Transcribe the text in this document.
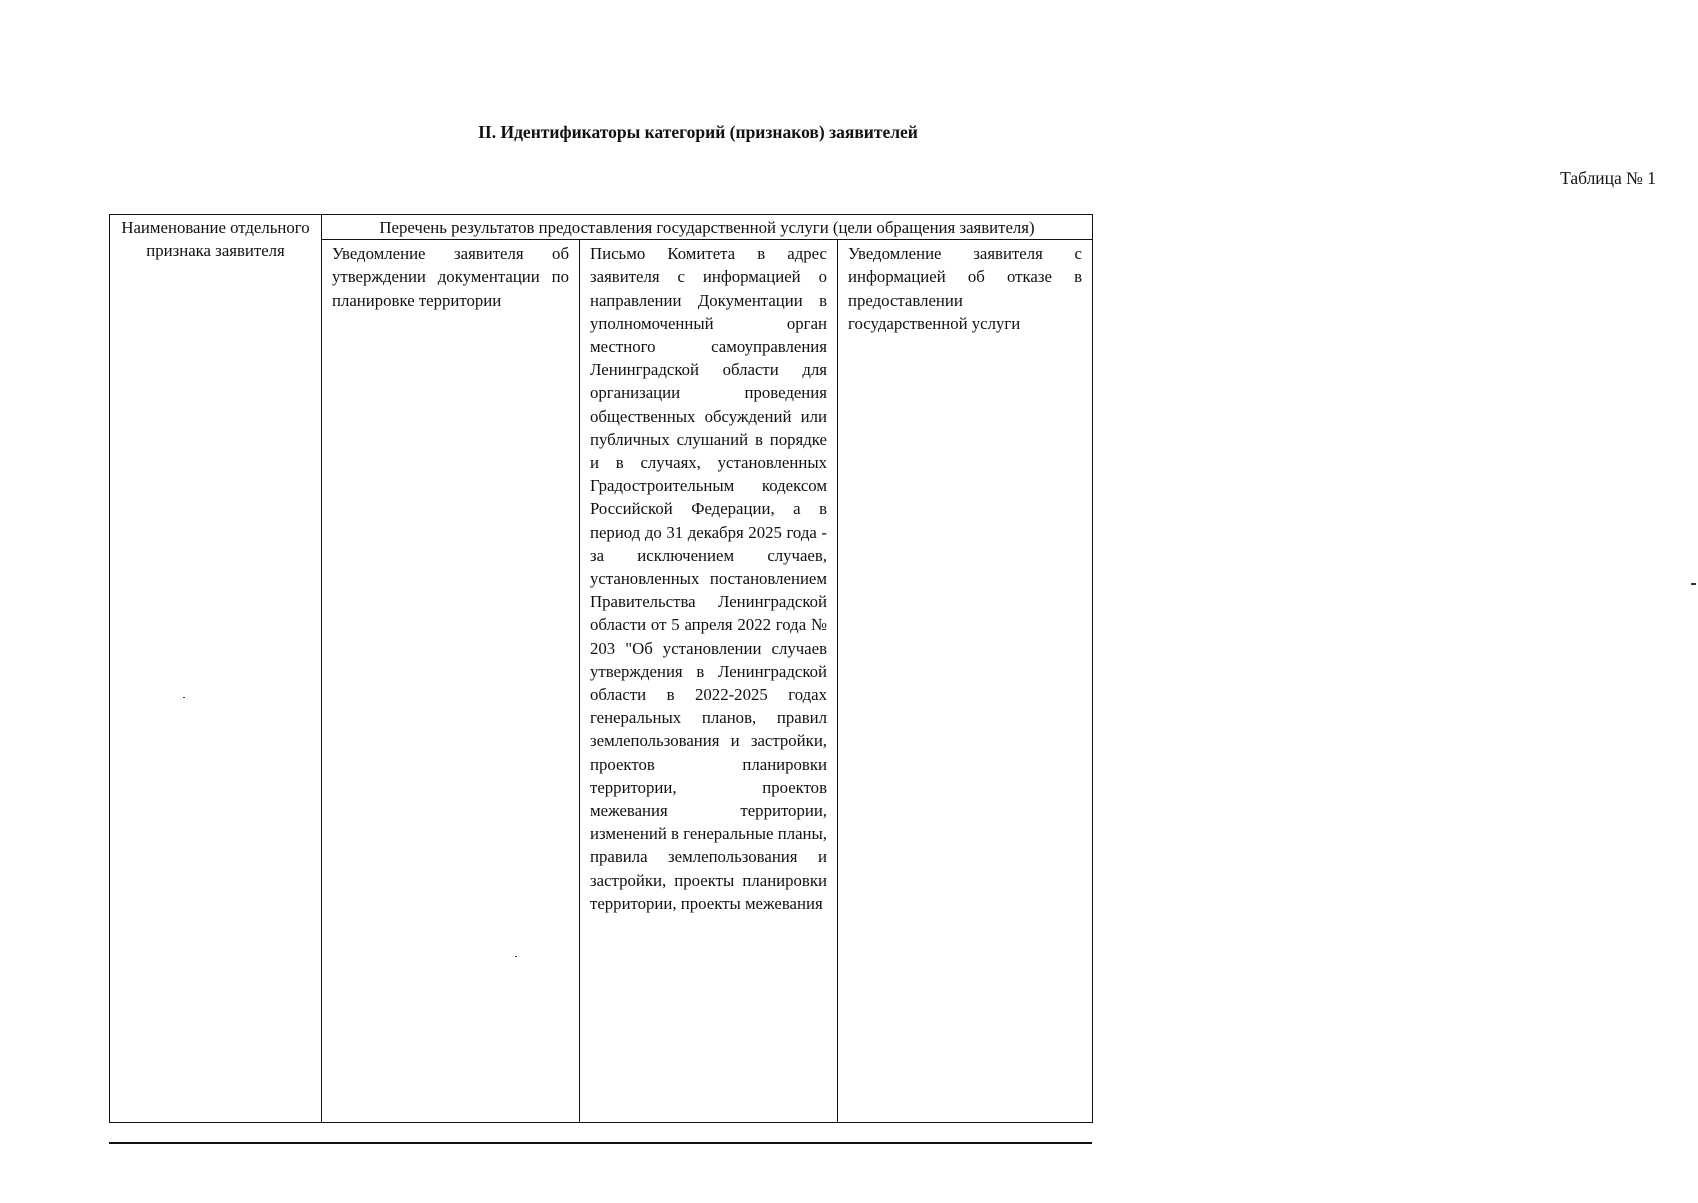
II. Идентификаторы категорий (признаков) заявителей

Таблица № 1
Наименование отдельного признака заявителя	Перечень результатов предоставления государственной услуги (цели обращения заявителя)		
	Уведомление заявителя об утверждении документации по планировке территории	Письмо Комитета в адрес заявителя с информацией о направлении Документации в уполномоченный орган местного самоуправления Ленинградской области для организации проведения общественных обсуждений или публичных слушаний в порядке и в случаях, установленных Градостроительным кодексом Российской Федерации, а в период до 31 декабря 2025 года - за исключением случаев, установленных постановлением Правительства Ленинградской области от 5 апреля 2022 года № 203 "Об установлении случаев утверждения в Ленинградской области в 2022-2025 годах генеральных планов, правил землепользования и застройки, проектов планировки территории, проектов межевания территории, изменений в генеральные планы, правила землепользования и застройки, проекты планировки территории, проекты межевания	Уведомление заявителя с информацией об отказе в предоставлении государственной услуги
